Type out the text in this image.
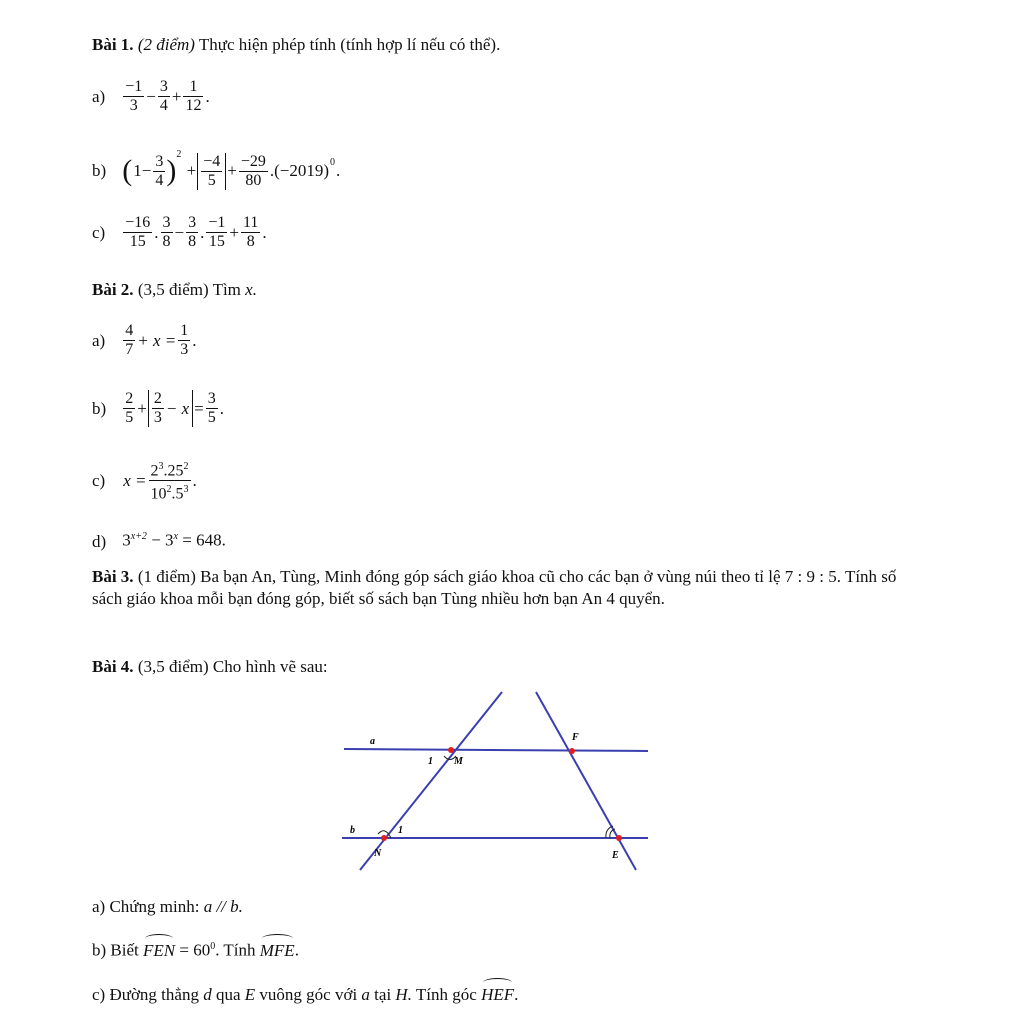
Bài 1. (2 điểm) Thực hiện phép tính (tính hợp lí nếu có thể).
$a) \frac{-1}{3} - \frac{3}{4} + \frac{1}{12}$ .
b) $(1- \frac{3}{4} )^2 + \frac{-4}{5} + \frac{-29}{80} .(-2019)^0$.
$c) \frac{-16}{15}$ . $\frac{3}{8} - \frac{3}{8}$ . $\frac{-1}{15} + \frac{11}{8}$ .
Bài 2. (3,5 điểm) Tìm x.
$a) \frac{4}{7} + x = \frac{1}{3}$ .
$b) \frac{2}{5} + \frac{2}{3} - x = \frac{3}{5}$ .
c) $x = \frac{2^3.25^2}{10^2.5^3}$ .
d) $3^{x+2} - 3^x = 648$.
Bài 3. (1 điểm) Ba bạn An, Tùng, Minh đóng góp sách giáo khoa cũ cho các bạn ở vùng núi theo tỉ lệ 7 : 9 : 5. Tính số sách giáo khoa mỗi bạn đóng góp, biết số sách bạn Tùng nhiều hơn bạn An 4 quyển.
Bài 4. (3,5 điểm) Cho hình vẽ sau:
a	F
1 M
b	1
N	E
a) Chứng minh: a // b.
b) Biết FEN = $60^0$. Tính MFE.
c) Đường thẳng d qua E vuông góc với a tại H. Tính góc HEF.
